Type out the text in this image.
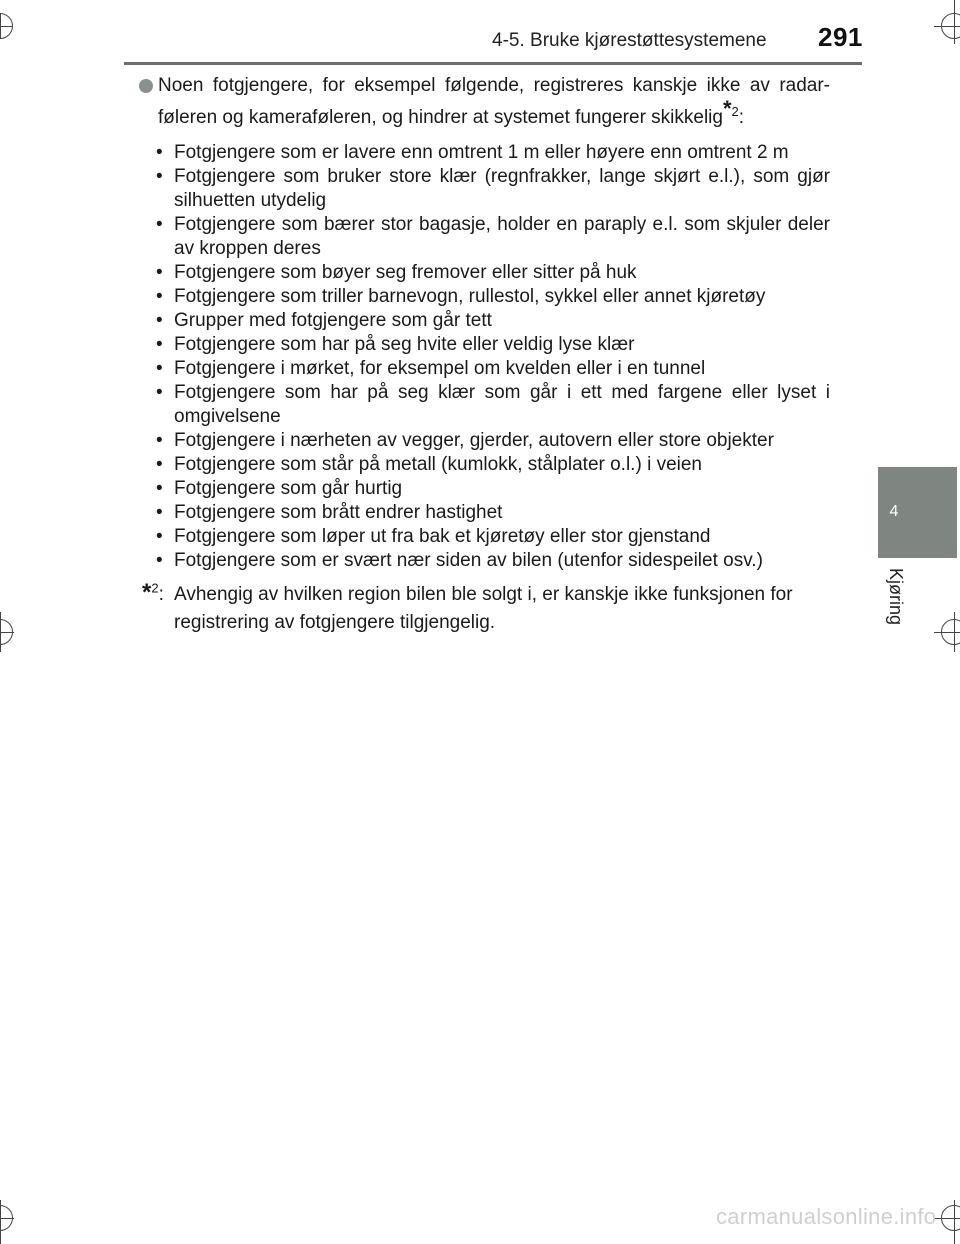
4-5. Bruke kjørestøttesystemene 291
4
Kjøring

Noen fotgjengere, for eksempel følgende, registreres kanskje ikke av radar-føleren og kameraføleren, og hindrer at systemet fungerer skikkelig$^{*2}$:

• Fotgjengere som er lavere enn omtrent 1 m eller høyere enn omtrent 2 m
• Fotgjengere som bruker store klær (regnfrakker, lange skjørt e.l.), som gjør silhuetten utydelig
• Fotgjengere som bærer stor bagasje, holder en paraply e.l. som skjuler deler av kroppen deres
• Fotgjengere som bøyer seg fremover eller sitter på huk
• Fotgjengere som triller barnevogn, rullestol, sykkel eller annet kjøretøy
• Grupper med fotgjengere som går tett
• Fotgjengere som har på seg hvite eller veldig lyse klær
• Fotgjengere i mørket, for eksempel om kvelden eller i en tunnel
• Fotgjengere som har på seg klær som går i ett med fargene eller lyset i omgivelsene
• Fotgjengere i nærheten av vegger, gjerder, autovern eller store objekter
• Fotgjengere som står på metall (kumlokk, stålplater o.l.) i veien
• Fotgjengere som går hurtig
• Fotgjengere som brått endrer hastighet
• Fotgjengere som løper ut fra bak et kjøretøy eller stor gjenstand
• Fotgjengere som er svært nær siden av bilen (utenfor sidespeilet osv.)
*$^2$: Avhengig av hvilken region bilen ble solgt i, er kanskje ikke funksjonen for registrering av fotgjengere tilgjengelig.
carmanualsonline.info
